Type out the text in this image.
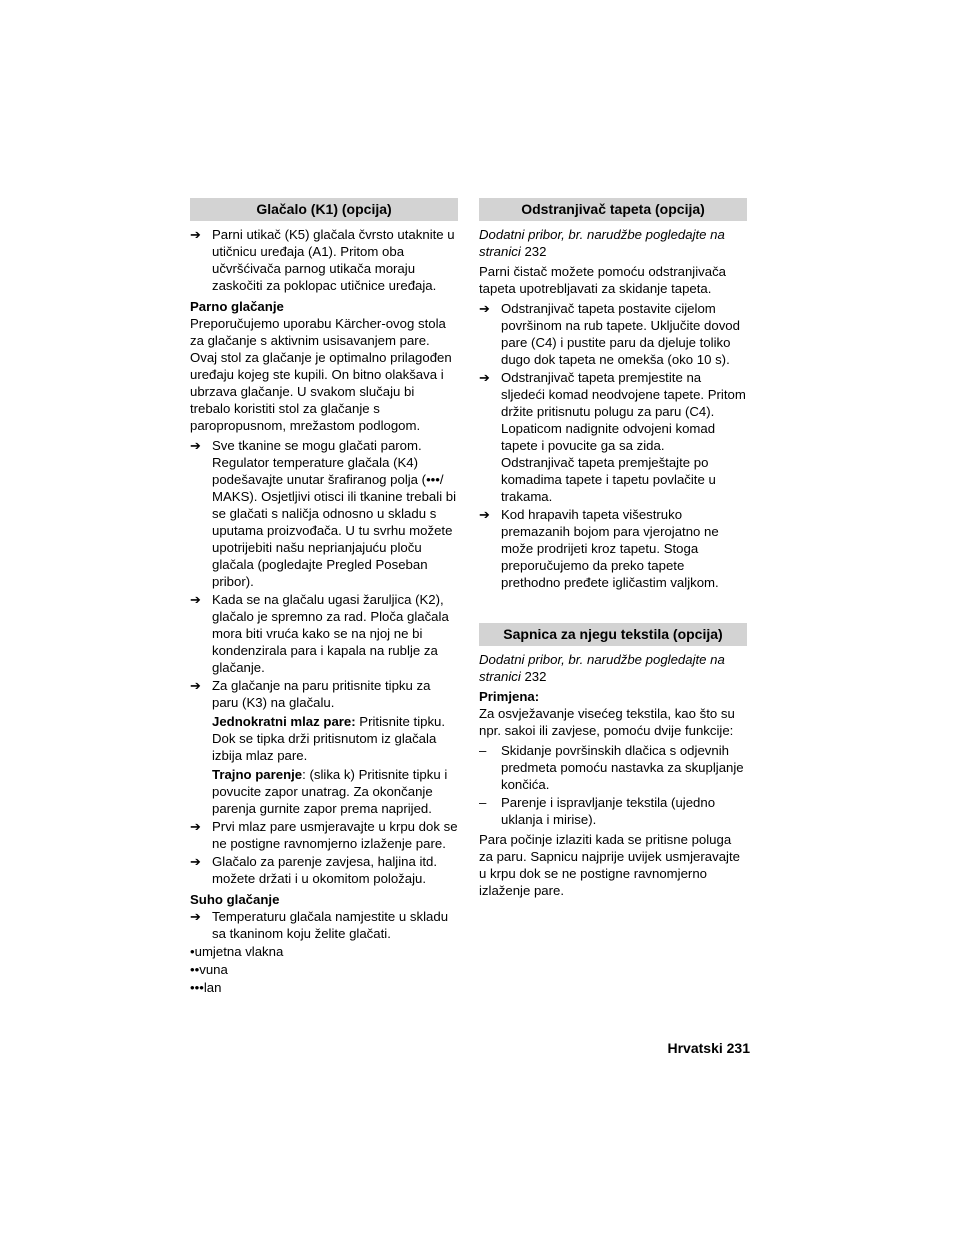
Glačalo (K1) (opcija)
➔ Parni utikač (K5) glačala čvrsto utaknite u utičnicu uređaja (A1). Pritom oba učvršćivača parnog utikača moraju zaskočiti za poklopac utičnice uređaja.

Parno glačanje

Preporučujemo uporabu Kärcher-ovog stola za glačanje s aktivnim usisavanjem pare. Ovaj stol za glačanje je optimalno prilagođen uređaju kojeg ste kupili. On bitno olakšava i ubrzava glačanje. U svakom slučaju bi trebalo koristiti stol za glačanje s paropropusnom, mrežastom podlogom.

➔ Sve tkanine se mogu glačati parom. Regulator temperature glačala (K4) podešavajte unutar šrafiranog polja (•••/ MAKS). Osjetljivi otisci ili tkanine trebali bi se glačati s naličja odnosno u skladu s uputama proizvođača. U tu svrhu možete upotrijebiti našu neprianjajuću ploču glačala (pogledajte Pregled Poseban pribor).

➔ Kada se na glačalu ugasi žaruljica (K2), glačalo je spremno za rad. Ploča glačala mora biti vruća kako se na njoj ne bi kondenzirala para i kapala na rublje za glačanje.

➔ Za glačanje na paru pritisnite tipku za paru (K3) na glačalu.

Jednokratni mlaz pare: Pritisnite tipku. Dok se tipka drži pritisnutom iz glačala izbija mlaz pare.

Trajno parenje: (slika k) Pritisnite tipku i povucite zapor unatrag. Za okončanje parenja gurnite zapor prema naprijed.

➔ Prvi mlaz pare usmjeravajte u krpu dok se ne postigne ravnomjerno izlaženje pare.

➔ Glačalo za parenje zavjesa, haljina itd. možete držati i u okomitom položaju.

Suho glačanje

➔ Temperaturu glačala namjestite u skladu sa tkaninom koju želite glačati.

•umjetna vlakna

••vuna

•••lan

Odstranjivač tapeta (opcija)

Dodatni pribor, br. narudžbe pogledajte na stranici 232

Parni čistač možete pomoću odstranjivača tapeta upotrebljavati za skidanje tapeta.

➔ Odstranjivač tapeta postavite cijelom površinom na rub tapete. Uključite dovod pare (C4) i pustite paru da djeluje toliko dugo dok tapeta ne omekša (oko 10 s).

➔ Odstranjivač tapeta premjestite na sljedeći komad neodvojene tapete. Pritom držite pritisnutu polugu za paru (C4). Lopaticom nadignite odvojeni komad tapete i povucite ga sa zida.

Odstranjivač tapeta premještajte po komadima tapete i tapetu povlačite u trakama.

➔ Kod hrapavih tapeta višestruko premazanih bojom para vjerojatno ne može prodrijeti kroz tapetu. Stoga preporučujemo da preko tapete prethodno pređete igličastim valjkom.

Sapnica za njegu tekstila (opcija)

Dodatni pribor, br. narudžbe pogledajte na stranici 232

Primjena:

Za osvježavanje visećeg tekstila, kao što su npr. sakoi ili zavjese, pomoću dvije funkcije:

–	Skidanje površinskih dlačica s odjevnih predmeta pomoću nastavka za skupljanje končića.

–	Parenje i ispravljanje tekstila (ujedno uklanja i mirise).

Para počinje izlaziti kada se pritisne poluga za paru. Sapnicu najprije uvijek usmjeravajte u krpu dok se ne postigne ravnomjerno izlaženje pare.

Hrvatski 231
